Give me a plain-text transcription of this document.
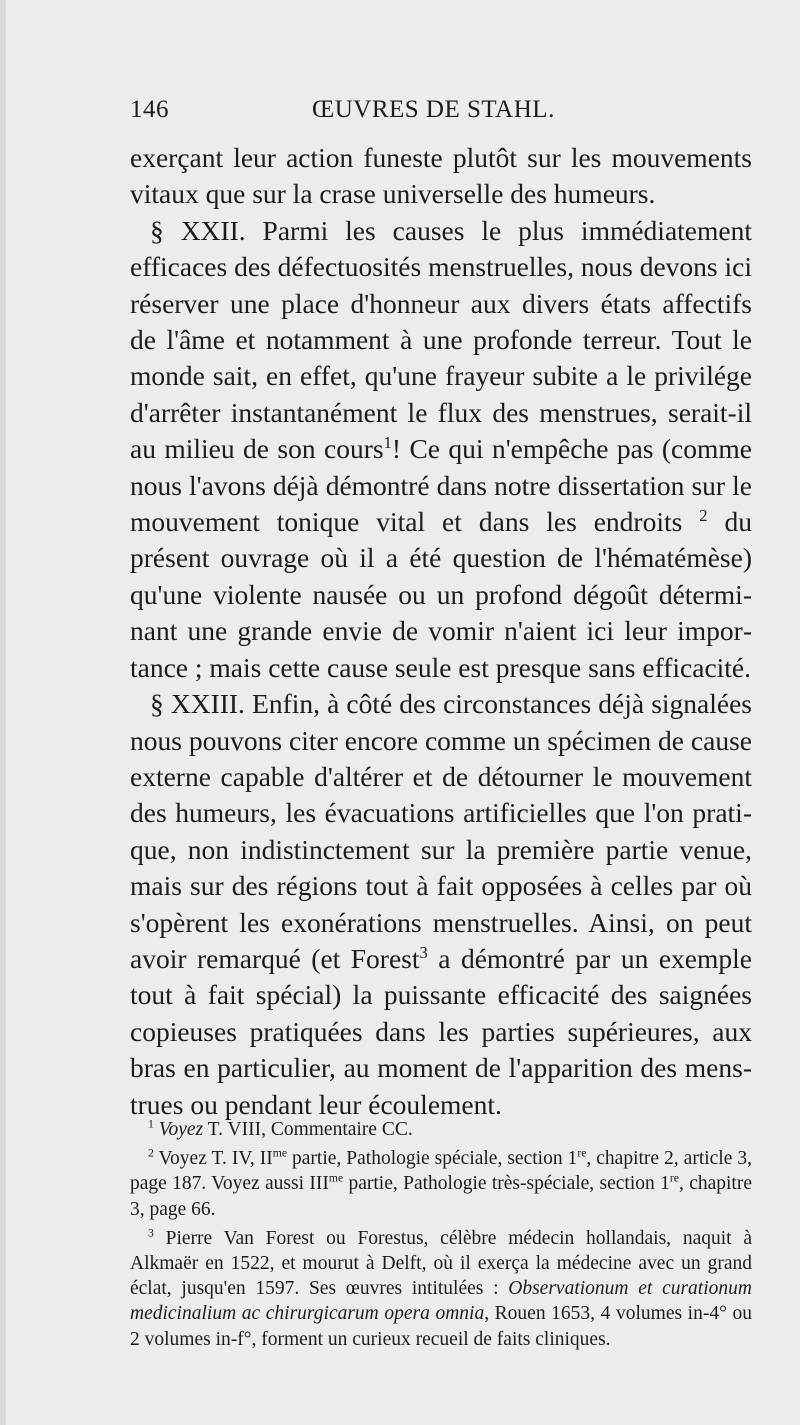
146	ŒUVRES DE STAHL.

exerçant leur action funeste plutôt sur les mouvements vitaux que sur la crase universelle des humeurs.

§ XXII. Parmi les causes le plus immédiatement efficaces des défectuosités menstruelles, nous devons ici réserver une place d'honneur aux divers états affectifs de l'âme et notamment à une profonde terreur. Tout le monde sait, en effet, qu'une frayeur subite a le privilége d'arrêter instantanément le flux des menstrues, serait-il au milieu de son cours$^1$! Ce qui n'empêche pas (comme nous l'avons déjà démontré dans notre dissertation sur le mouvement tonique vital et dans les endroits $^2$ du présent ouvrage où il a été question de l'hématémèse) qu'une violente nausée ou un profond dégoût déterminant une grande envie de vomir n'aient ici leur importance ; mais cette cause seule est presque sans efficacité.

§ XXIII. Enfin, à côté des circonstances déjà signalées nous pouvons citer encore comme un spécimen de cause externe capable d'altérer et de détourner le mouvement des humeurs, les évacuations artificielles que l'on pratique, non indistinctement sur la première partie venue, mais sur des régions tout à fait opposées à celles par où s'opèrent les exonérations menstruelles. Ainsi, on peut avoir remarqué (et Forest$^3$ a démontré par un exemple tout à fait spécial) la puissante efficacité des saignées copieuses pratiquées dans les parties supérieures, aux bras en particulier, au moment de l'apparition des menstrues ou pendant leur écoulement.

$^1$ Voyez T. VIII, Commentaire CC.

$^2$ Voyez T. IV, $II^{me}$ partie, Pathologie spéciale, section 1re, chapitre 2, article 3, page 187. Voyez aussi $III^{me}$ partie, Pathologie très-spéciale, section 1re, chapitre 3, page 66.

$^3$ Pierre Van Forest ou Forestus, célèbre médecin hollandais, naquit à Alkmaër en 1522, et mourut à Delft, où il exerça la médecine avec un grand éclat, jusqu'en 1597. Ses œuvres intitulées : Observationum et curationum medicinalium ac chirurgicarum opera omnia, Rouen 1653, 4 volumes in-4° ou 2 volumes in-f°, forment un curieux recueil de faits cliniques.
